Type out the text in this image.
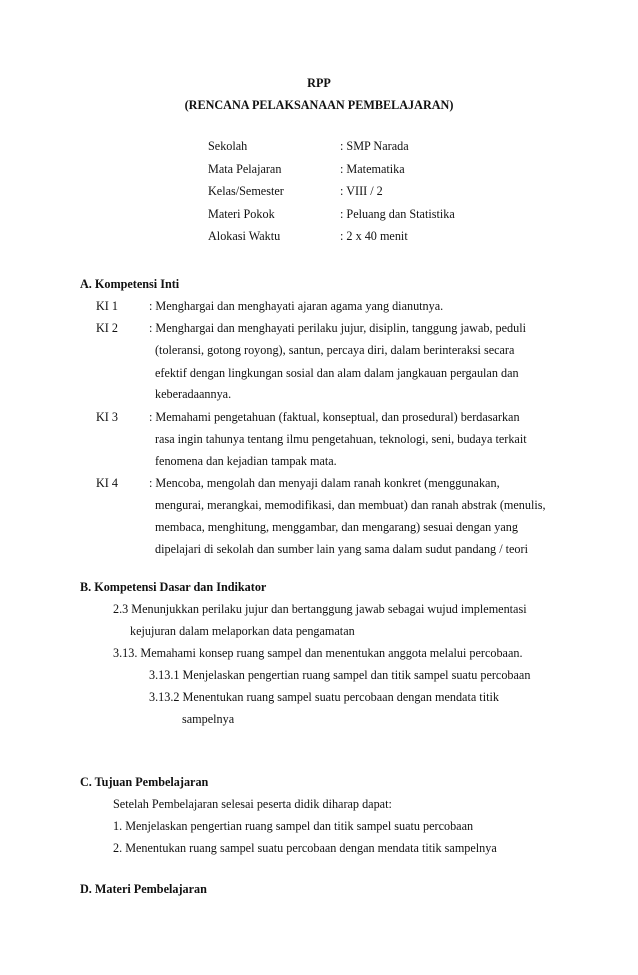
RPP
(RENCANA PELAKSANAAN PEMBELAJARAN)
Sekolah	: SMP Narada
Mata Pelajaran	: Matematika
Kelas/Semester	: VIII / 2
Materi Pokok	: Peluang dan Statistika
Alokasi Waktu	: 2 x 40 menit
A. Kompetensi Inti
KI 1	: Menghargai dan menghayati ajaran agama yang dianutnya.
KI 2	: Menghargai dan menghayati perilaku jujur, disiplin, tanggung jawab, peduli
(toleransi, gotong royong), santun, percaya diri, dalam berinteraksi secara
efektif dengan lingkungan sosial dan alam dalam jangkauan pergaulan dan
keberadaannya.
KI 3	: Memahami pengetahuan (faktual, konseptual, dan prosedural) berdasarkan
rasa ingin tahunya tentang ilmu pengetahuan, teknologi, seni, budaya terkait
fenomena dan kejadian tampak mata.
KI 4	: Mencoba, mengolah dan menyaji dalam ranah konkret (menggunakan,
mengurai, merangkai, memodifikasi, dan membuat) dan ranah abstrak (menulis,
membaca, menghitung, menggambar, dan mengarang) sesuai dengan yang
dipelajari di sekolah dan sumber lain yang sama dalam sudut pandang / teori
B. Kompetensi Dasar dan Indikator
2.3 Menunjukkan perilaku jujur dan bertanggung jawab sebagai wujud implementasi
kejujuran dalam melaporkan data pengamatan
3.13. Memahami konsep ruang sampel dan menentukan anggota melalui percobaan.
3.13.1 Menjelaskan pengertian ruang sampel dan titik sampel suatu percobaan
3.13.2 Menentukan ruang sampel suatu percobaan dengan mendata titik
sampelnya
C. Tujuan Pembelajaran
Setelah Pembelajaran selesai peserta didik diharap dapat:
1. Menjelaskan pengertian ruang sampel dan titik sampel suatu percobaan
2. Menentukan ruang sampel suatu percobaan dengan mendata titik sampelnya
D. Materi Pembelajaran
